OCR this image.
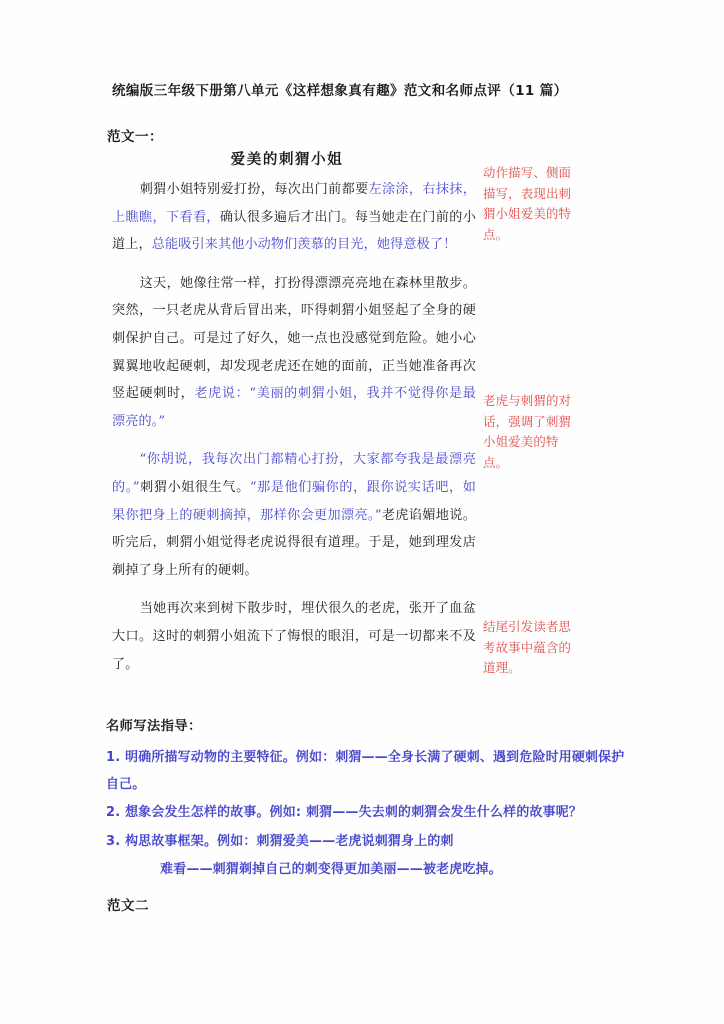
统编版三年级下册第八单元《这样想象真有趣》范文和名师点评（11 篇）
范文一：
爱美的刺猬小姐
刺猬小姐特别爱打扮，每次出门前都要左涂涂，右抹抹，上瞧瞧，下看看，确认很多遍后才出门。每当她走在门前的小道上，总能吸引来其他小动物们羡慕的目光，她得意极了！
这天，她像往常一样，打扮得漂漂亮亮地在森林里散步。突然，一只老虎从背后冒出来，吓得刺猬小姐竖起了全身的硬刺保护自己。可是过了好久，她一点也没感觉到危险。她小心翼翼地收起硬刺，却发现老虎还在她的面前，正当她准备再次竖起硬刺时，老虎说：“美丽的刺猬小姐，我并不觉得你是最漂亮的。”
“你胡说，我每次出门都精心打扮，大家都夸我是最漂亮的。”刺猬小姐很生气。“那是他们骗你的，跟你说实话吧，如果你把身上的硬刺摘掉，那样你会更加漂亮。”老虎谄媚地说。听完后，刺猬小姐觉得老虎说得很有道理。于是，她到理发店剃掉了身上所有的硬刺。
当她再次来到树下散步时，埋伏很久的老虎，张开了血盆大口。这时的刺猬小姐流下了悔恨的眼泪，可是一切都来不及了。
动作描写、侧面描写，表现出刺猬小姐爱美的特点。
老虎与刺猬的对话，强调了刺猬小姐爱美的特点。
结尾引发读者思考故事中蕴含的道理。
名师写法指导：
1. 明确所描写动物的主要特征。例如：刺猬——全身长满了硬刺、遇到危险时用硬刺保护自己。
2. 想象会发生怎样的故事。例如: 刺猬——失去刺的刺猬会发生什么样的故事呢？
3. 构思故事框架。例如：刺猬爱美——老虎说刺猬身上的刺
难看——刺猬剃掉自己的刺变得更加美丽——被老虎吃掉。
范文二
